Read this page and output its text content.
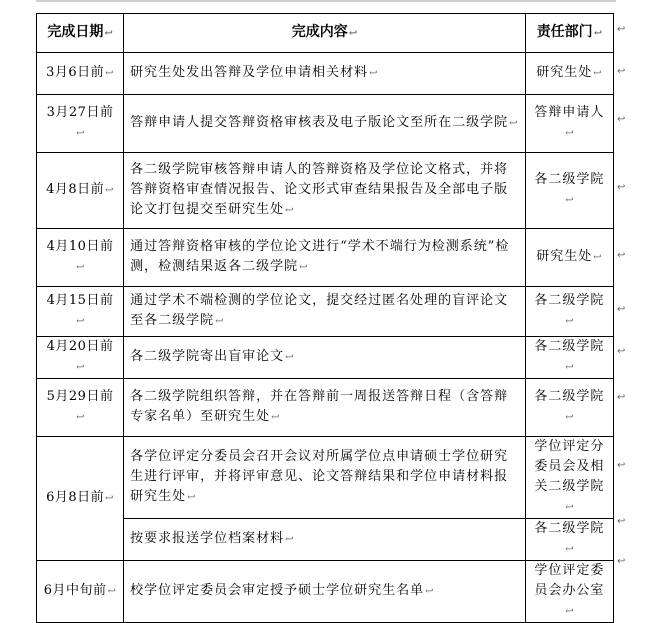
完成日期↩	完成内容↩	责任部门↩
3月6日前↩	研究生处发出答辩及学位申请相关材料↩	研究生处↩
3月27日前↩	答辩申请人提交答辩资格审核表及电子版论文至所在二级学院↩	答辩申请人↩
4月8日前↩	各二级学院审核答辩申请人的答辩资格及学位论文格式，并将答辩资格审查情况报告、论文形式审查结果报告及全部电子版论文打包提交至研究生处↩	各二级学院↩
4月10日前↩	通过答辩资格审核的学位论文进行“学术不端行为检测系统”检测，检测结果返各二级学院↩	研究生处↩
4月15日前↩	通过学术不端检测的学位论文，提交经过匿名处理的盲评论文至各二级学院↩	各二级学院↩
4月20日前↩	各二级学院寄出盲审论文↩	各二级学院↩
5月29日前↩	各二级学院组织答辩，并在答辩前一周报送答辩日程（含答辩专家名单）至研究生处↩	各二级学院↩
6月8日前↩	各学位评定分委员会召开会议对所属学位点申请硕士学位研究生进行评审，并将评审意见、论文答辩结果和学位申请材料报研究生处↩	学位评定分委员会及相关二级学院↩
	按要求报送学位档案材料↩	各二级学院↩
6月中旬前↩	校学位评定委员会审定授予硕士学位研究生名单↩	学位评定委员会办公室↩
↩
↩
↩
↩
↩
↩
↩
↩
↩
↩
↩
